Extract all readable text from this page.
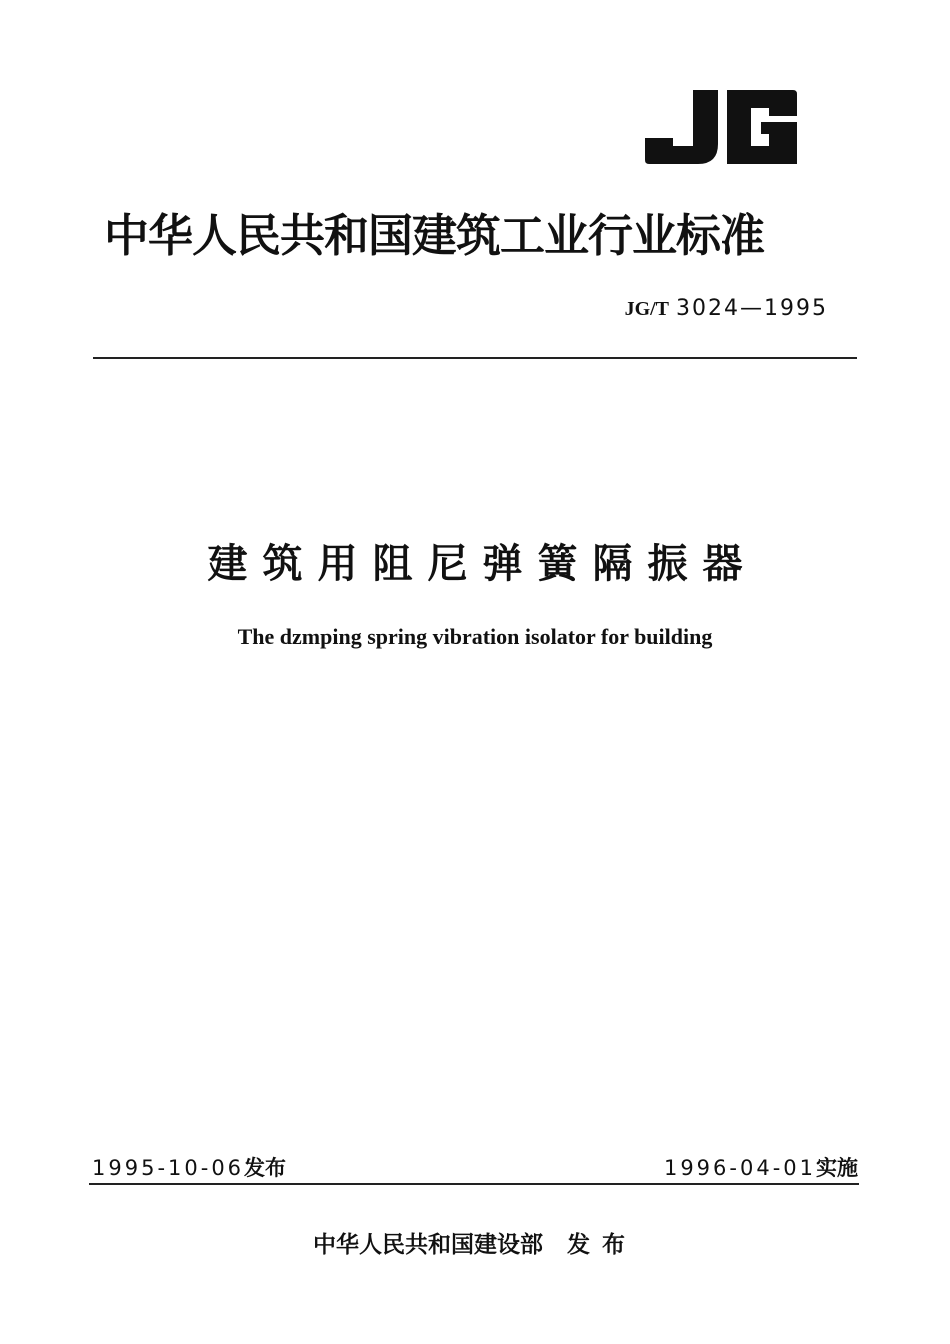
中华人民共和国建筑工业行业标准
JG/T 3024—1995
建筑用阻尼弹簧隔振器
The dzmping spring vibration isolator for building
1995-10-06发布	1996-04-01实施
中华人民共和国建设部 发布
